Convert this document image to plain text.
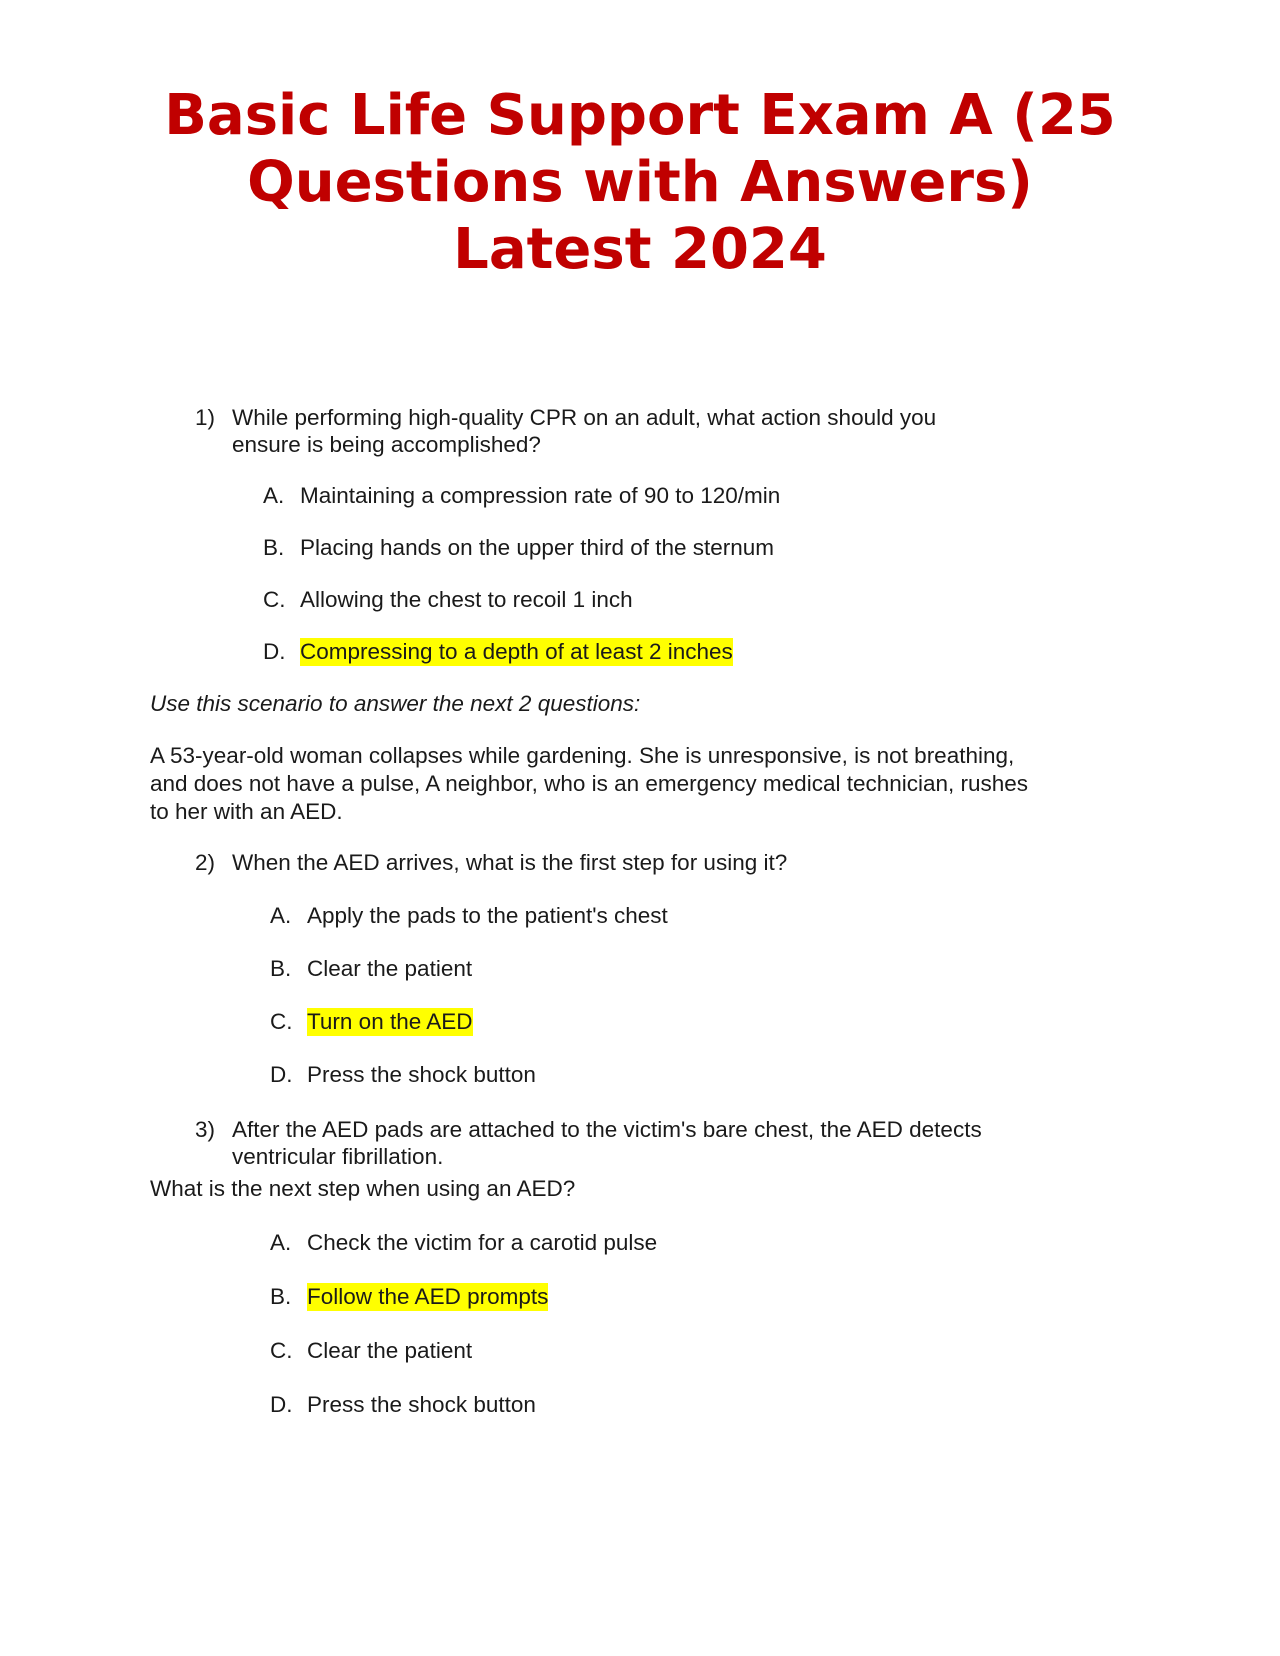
Basic Life Support Exam A (25
Questions with Answers)
Latest 2024
1) While performing high-quality CPR on an adult, what action should you
ensure is being accomplished?
A. Maintaining a compression rate of 90 to 120/min
B. Placing hands on the upper third of the sternum
C. Allowing the chest to recoil 1 inch
D. Compressing to a depth of at least 2 inches
Use this scenario to answer the next 2 questions:
A 53-year-old woman collapses while gardening. She is unresponsive, is not breathing,
and does not have a pulse, A neighbor, who is an emergency medical technician, rushes
to her with an AED.
2) When the AED arrives, what is the first step for using it?
A. Apply the pads to the patient's chest
B. Clear the patient
C. Turn on the AED
D. Press the shock button
3) After the AED pads are attached to the victim's bare chest, the AED detects
ventricular fibrillation.
What is the next step when using an AED?
A. Check the victim for a carotid pulse
B. Follow the AED prompts
C. Clear the patient
D. Press the shock button
